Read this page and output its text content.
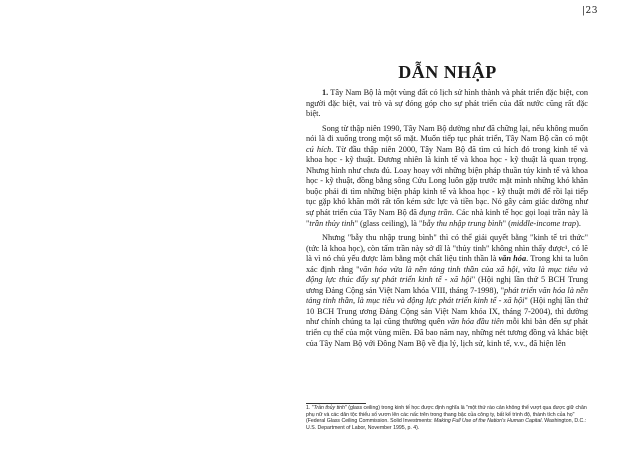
|23
DẪN NHẬP

1. Tây Nam Bộ là một vùng đất có lịch sử hình thành và phát triển đặc biệt, con người đặc biệt, vai trò và sự đóng góp cho sự phát triển của đất nước cũng rất đặc biệt.

Song từ thập niên 1990, Tây Nam Bộ dường như đã chững lại, nếu không muốn nói là đi xuống trong một số mặt. Muốn tiếp tục phát triển, Tây Nam Bộ cần có một cú hích. Từ đầu thập niên 2000, Tây Nam Bộ đã tìm cú hích đó trong kinh tế và khoa học - kỹ thuật. Đương nhiên là kinh tế và khoa học - kỹ thuật là quan trọng. Nhưng hình như chưa đủ. Loay hoay với những biện pháp thuần túy kinh tế và khoa học - kỹ thuật, đồng bằng sông Cửu Long luôn gặp trước mặt mình những khó khăn buộc phải đi tìm những biện pháp kinh tế và khoa học - kỹ thuật mới để rồi lại tiếp tục gặp khó khăn mới rất tốn kém sức lực và tiền bạc. Nó gây cảm giác dường như sự phát triển của Tây Nam Bộ đã đụng trần. Các nhà kinh tế học gọi loại trần này là "trần thủy tinh" (glass ceiling), là "bẫy thu nhập trung bình" (middle-income trap).

Nhưng "bẫy thu nhập trung bình" thì có thể giải quyết bằng "kinh tế tri thức" (tức là khoa học), còn tấm trần này sở dĩ là "thủy tinh" không nhìn thấy được¹, có lẽ là vì nó chủ yếu được làm bằng một chất liệu tinh thần là văn hóa. Trong khi ta luôn xác định rằng "văn hóa vừa là nền tảng tinh thần của xã hội, vừa là mục tiêu và động lực thúc đẩy sự phát triển kinh tế - xã hội" (Hội nghị lần thứ 5 BCH Trung ương Đảng Cộng sản Việt Nam khóa VIII, tháng 7-1998), "phát triển văn hóa là nền tảng tinh thần, là mục tiêu và động lực phát triển kinh tế - xã hội" (Hội nghị lần thứ 10 BCH Trung ương Đảng Cộng sản Việt Nam khóa IX, tháng 7-2004), thì dường như chính chúng ta lại cũng thường quên văn hóa đầu tiên mỗi khi bàn đến sự phát triển cụ thể của một vùng miền. Đã bao năm nay, những nét tương đồng và khác biệt của Tây Nam Bộ với Đông Nam Bộ về địa lý, lịch sử, kinh tế, v.v., đã hiện lên

1. "Trần thủy tinh" (glass ceiling) trong kinh tế học được định nghĩa là "một thứ rào cản không thể vượt qua được giữ chân phụ nữ và các dân tộc thiểu số vươn lên các nấc trên trong thang bậc của công ty, bất kể trình độ, thành tích của họ" (Federal Glass Ceiling Commission. Solid Investments: Making Full Use of the Nation's Human Capital. Washington, D.C.: U.S. Department of Labor, November 1995, p. 4).
